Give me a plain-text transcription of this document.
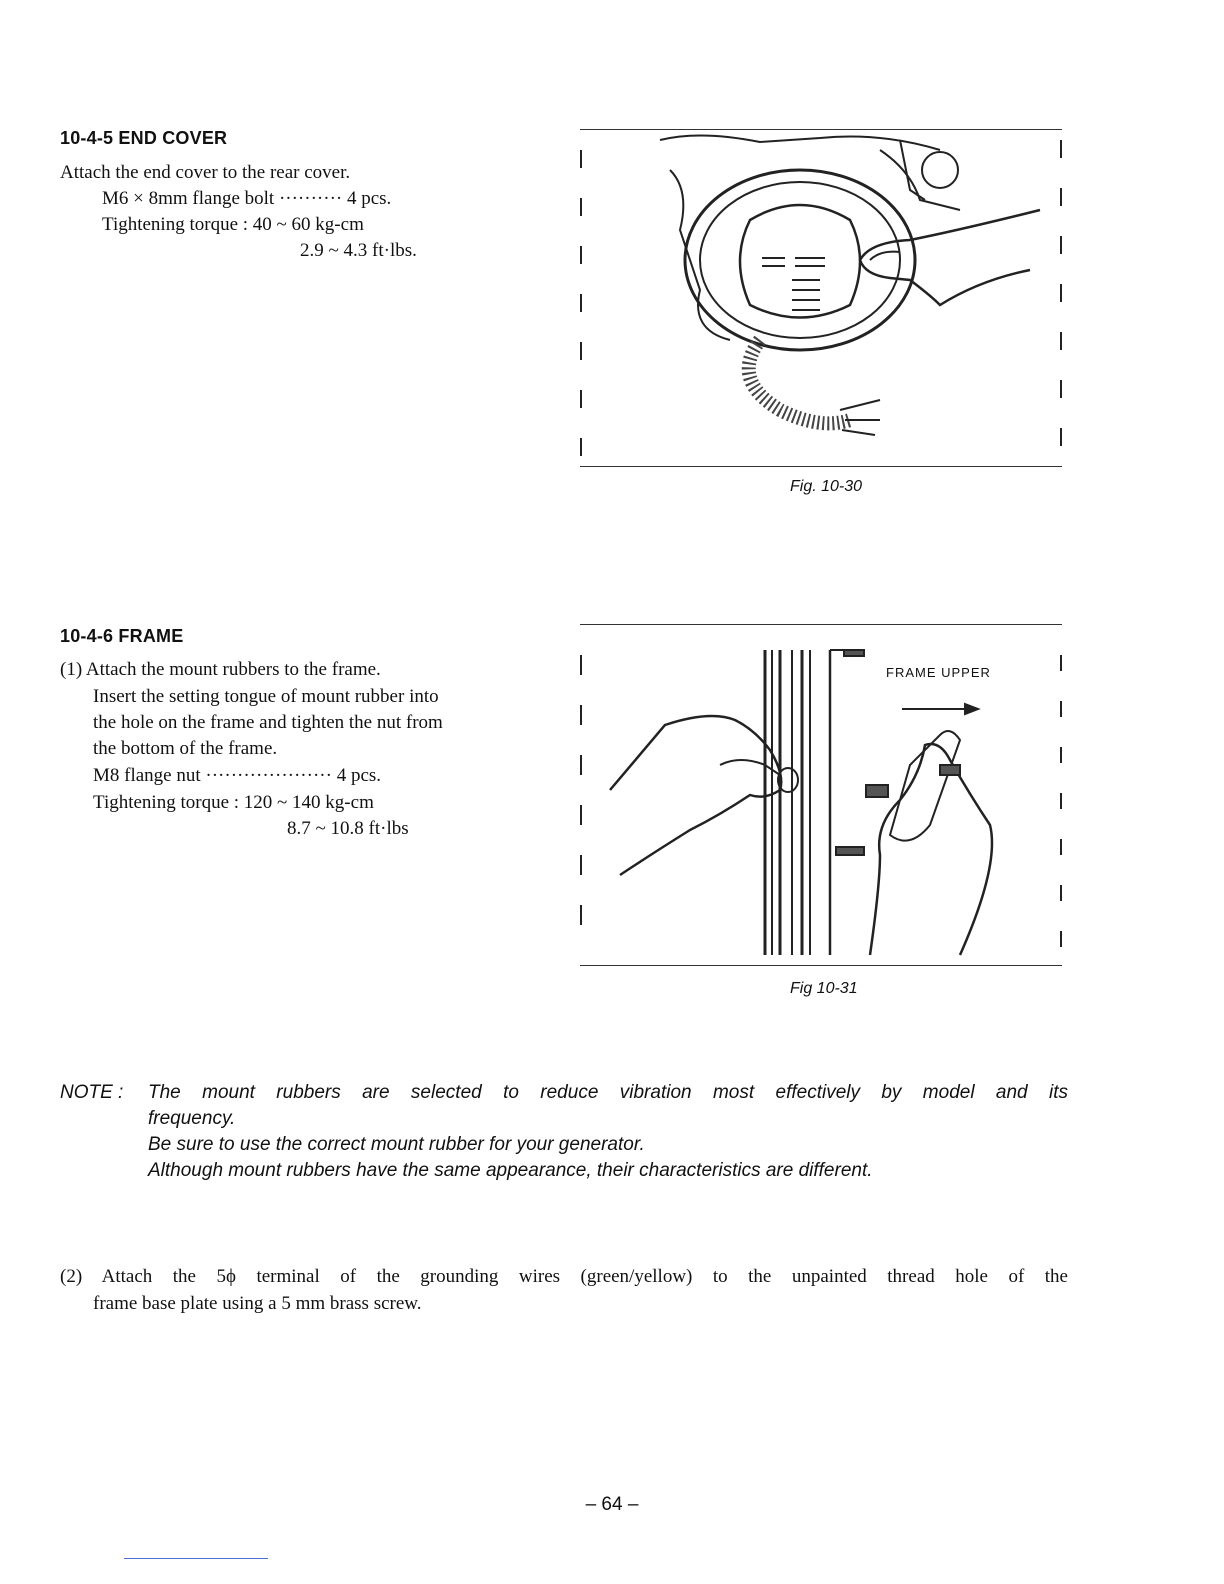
10-4-5 END COVER
Attach the end cover to the rear cover.
M6 × 8mm flange bolt ·········· 4 pcs.
Tightening torque : 40 ~ 60 kg-cm
2.9 ~ 4.3 ft·lbs.
Fig. 10-30
10-4-6 FRAME
(1) Attach the mount rubbers to the frame.
Insert the setting tongue of mount rubber into
the hole on the frame and tighten the nut from
the bottom of the frame.
M8 flange nut ···················· 4 pcs.
Tightening torque : 120 ~ 140 kg-cm
8.7 ~ 10.8 ft·lbs
FRAME UPPER
Fig 10-31
NOTE : The mount rubbers are selected to reduce vibration most effectively by model and its
frequency.
Be sure to use the correct mount rubber for your generator.
Although mount rubbers have the same appearance, their characteristics are different.
(2) Attach the 5ϕ terminal of the grounding wires (green/yellow) to the unpainted thread hole of the
frame base plate using a 5 mm brass screw.
– 64 –
